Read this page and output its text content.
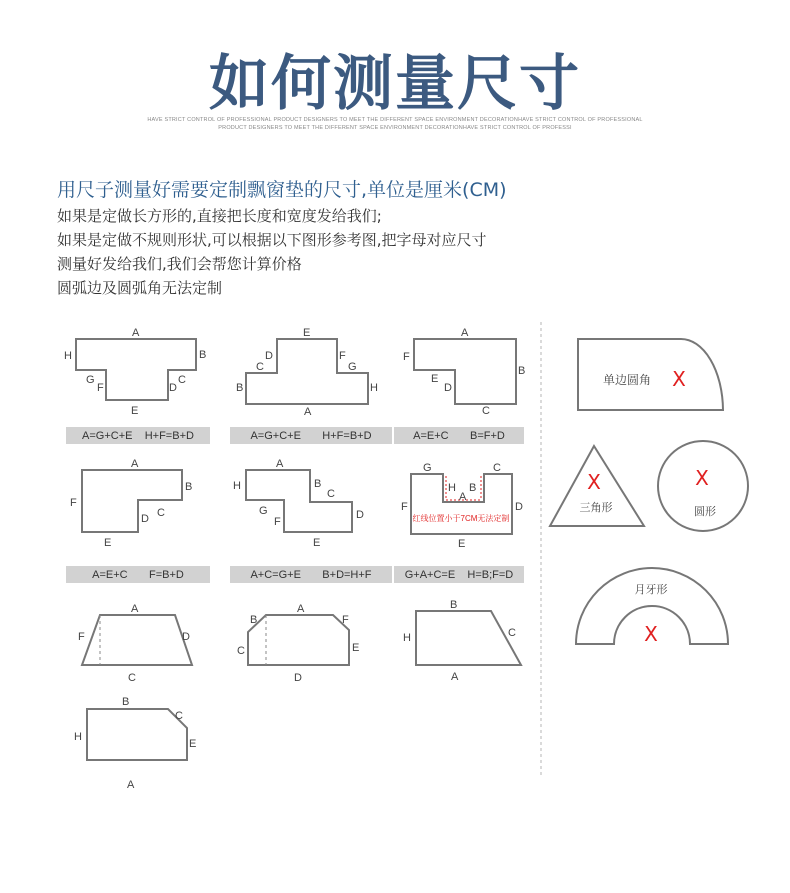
如何测量尺寸
HAVE STRICT CONTROL OF PROFESSIONAL PRODUCT DESIGNERS TO MEET THE DIFFERENT SPACE ENVIRONMENT DECORATIONHAVE STRICT CONTROL OF PROFESSIONAL
PRODUCT DESIGNERS TO MEET THE DIFFERENT SPACE ENVIRONMENT DECORATIONHAVE STRICT CONTROL OF PROFESSI
用尺子测量好需要定制飘窗垫的尺寸,单位是厘米(CM)
如果是定做长方形的,直接把长度和宽度发给我们;
如果是定做不规则形状,可以根据以下图形参考图,把字母对应尺寸
测量好发给我们,我们会帮您计算价格
圆弧边及圆弧角无法定制
A
H	B
G
F
C
D
E
E
D
C
F
G
B	H
A
A
F
B
E
D
C
A=G+C+E    H+F=B+D	A=G+C+E       H+F=B+D	A=E+C       B=F+D
A
F
B
C
D
E
A
H	B
C
D
G
F
E
G	C
H B
A
F	D
红线位置小于7CM无法定制
E
A=E+C       F=B+D	A+C=G+E       B+D=H+F	G+A+C=E    H=B;F=D
A
F	D
C
A
B	F
C	E
D
B
H	C
A
B
C
H
E
A
单边圆角 X
X
三角形
X
圆形
月牙形
X
